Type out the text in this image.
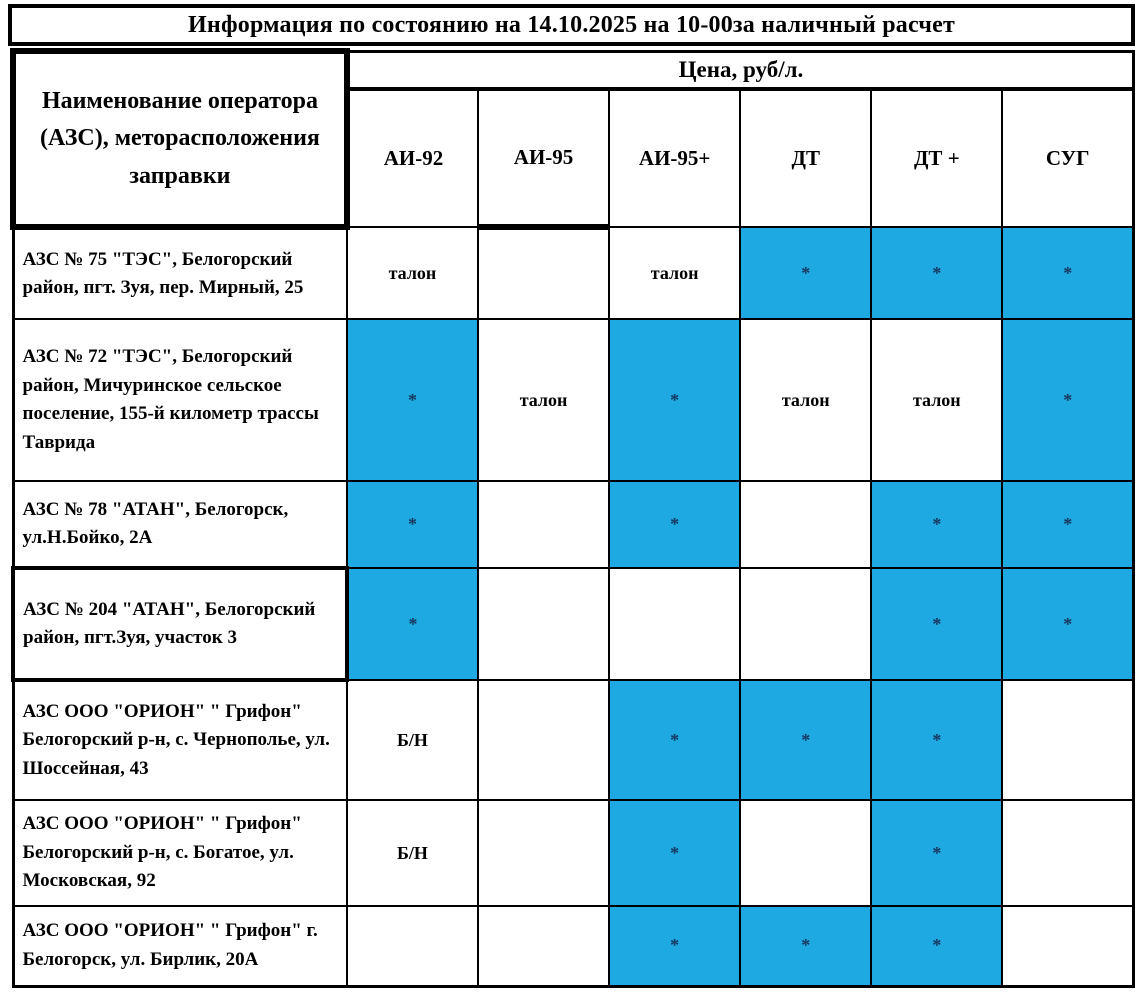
Информация по состоянию на 14.10.2025 на 10-00за наличный расчет
Наименование оператора (АЗС), меторасположения заправки	Цена, руб/л.					
	АИ-92	АИ-95	АИ-95+	ДТ	ДТ +	СУГ
АЗС № 75 "ТЭС", Белогорский район, пгт. Зуя, пер. Мирный, 25	талон		талон	*	*	*
АЗС № 72 "ТЭС", Белогорский район, Мичуринское сельское поселение, 155-й километр трассы Таврида	*	талон	*	талон	талон	*
АЗС № 78 "АТАН", Белогорск, ул.Н.Бойко, 2А	*		*		*	*
АЗС № 204 "АТАН", Белогорский район, пгт.Зуя, участок 3	*				*	*
АЗС ООО "ОРИОН" " Грифон" Белогорский р-н, с. Чернополье, ул. Шоссейная, 43	Б/Н		*	*	*	
АЗС ООО "ОРИОН" " Грифон" Белогорский р-н, с. Богатое, ул. Московская, 92	Б/Н		*		*	
АЗС ООО "ОРИОН" " Грифон" г. Белогорск, ул. Бирлик, 20А			*	*	*	
